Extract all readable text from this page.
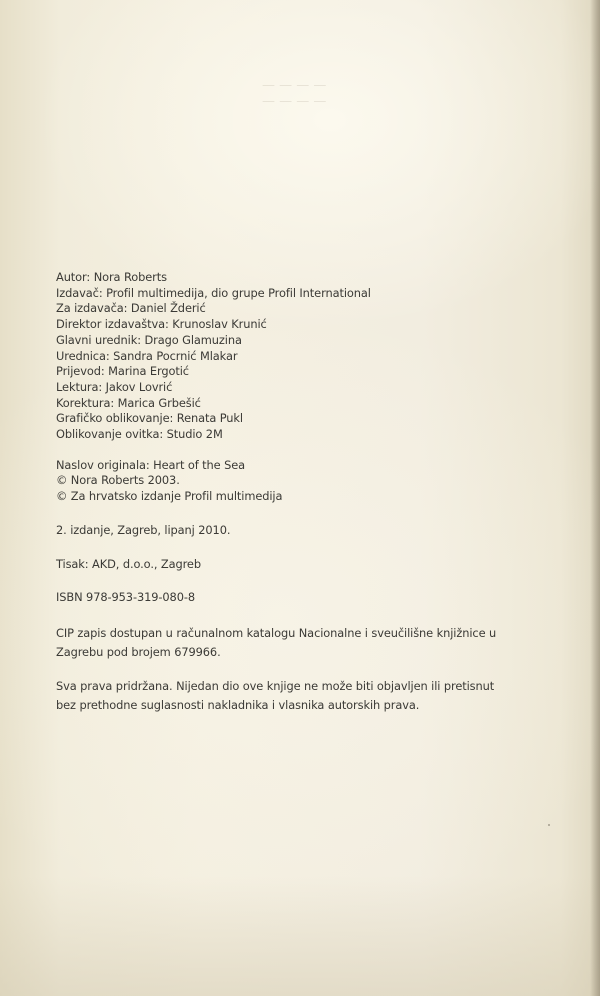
— — — —
— — — —
Autor: Nora Roberts
Izdavač: Profil multimedija, dio grupe Profil International
Za izdavača: Daniel Žderić
Direktor izdavaštva: Krunoslav Krunić
Glavni urednik: Drago Glamuzina
Urednica: Sandra Pocrnić Mlakar
Prijevod: Marina Ergotić
Lektura: Jakov Lovrić
Korektura: Marica Grbešić
Grafičko oblikovanje: Renata Pukl
Oblikovanje ovitka: Studio 2M
Naslov originala: Heart of the Sea
© Nora Roberts 2003.
© Za hrvatsko izdanje Profil multimedija
2. izdanje, Zagreb, lipanj 2010.
Tisak: AKD, d.o.o., Zagreb
ISBN 978-953-319-080-8
CIP zapis dostupan u računalnom katalogu Nacionalne i sveučilišne knjižnice u
Zagrebu pod brojem 679966.
Sva prava pridržana. Nijedan dio ove knjige ne može biti objavljen ili pretisnut
bez prethodne suglasnosti nakladnika i vlasnika autorskih prava.
